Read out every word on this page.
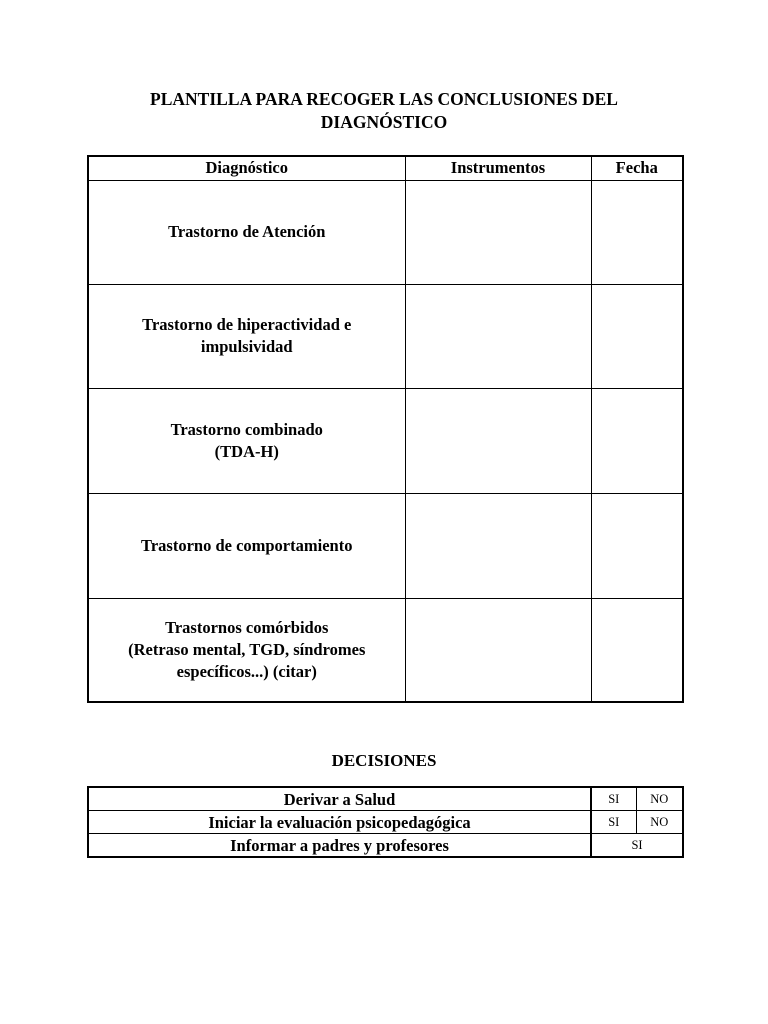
PLANTILLA PARA RECOGER LAS CONCLUSIONES DEL
DIAGNÓSTICO
Diagnóstico	Instrumentos	Fecha

Trastorno de Atención		

Trastorno de hiperactividad e
impulsividad		

Trastorno combinado
(TDA-H)		

Trastorno de comportamiento		

Trastornos comórbidos
(Retraso mental, TGD, síndromes
específicos...) (citar)		

DECISIONES
Derivar a Salud	SI	NO
Iniciar la evaluación psicopedagógica	SI	NO
Informar a padres y profesores	SI	
